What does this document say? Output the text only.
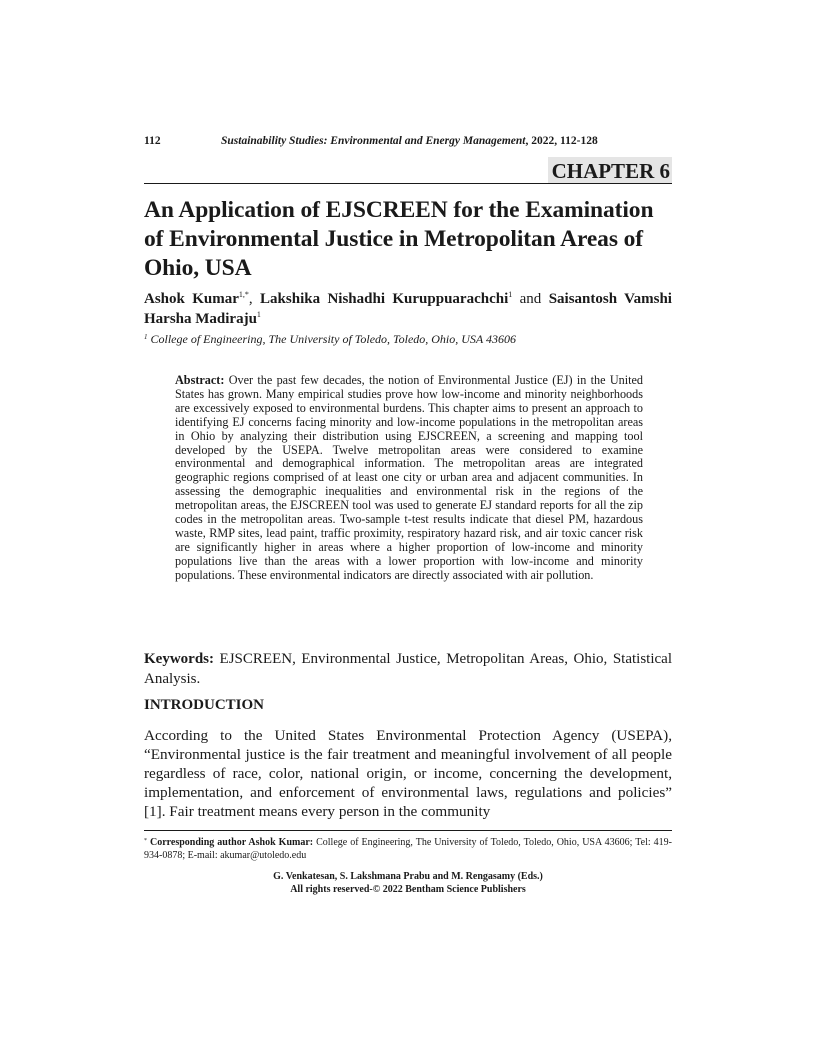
112	Sustainability Studies: Environmental and Energy Management, 2022, 112-128
CHAPTER 6
An Application of EJSCREEN for the Examination of Environmental Justice in Metropolitan Areas of Ohio, USA
Ashok Kumar$^{1,*}$, Lakshika Nishadhi Kuruppuarachchi$^1$ and Saisantosh Vamshi Harsha Madiraju$^1$
$^1$ College of Engineering, The University of Toledo, Toledo, Ohio, USA 43606

Abstract: Over the past few decades, the notion of Environmental Justice (EJ) in the United States has grown. Many empirical studies prove how low-income and minority neighborhoods are excessively exposed to environmental burdens. This chapter aims to present an approach to identifying EJ concerns facing minority and low-income populations in the metropolitan areas in Ohio by analyzing their distribution using EJSCREEN, a screening and mapping tool developed by the USEPA. Twelve metropolitan areas were considered to examine environmental and demographical information. The metropolitan areas are integrated geographic regions comprised of at least one city or urban area and adjacent communities. In assessing the demographic inequalities and environmental risk in the regions of the metropolitan areas, the EJSCREEN tool was used to generate EJ standard reports for all the zip codes in the metropolitan areas. Two-sample t-test results indicate that diesel PM, hazardous waste, RMP sites, lead paint, traffic proximity, respiratory hazard risk, and air toxic cancer risk are significantly higher in areas where a higher proportion of low-income and minority populations live than the areas with a lower proportion with low-income and minority populations. These environmental indicators are directly associated with air pollution.

Keywords: EJSCREEN, Environmental Justice, Metropolitan Areas, Ohio, Statistical Analysis.

INTRODUCTION

According to the United States Environmental Protection Agency (USEPA), “Environmental justice is the fair treatment and meaningful involvement of all people regardless of race, color, national origin, or income, concerning the development, implementation, and enforcement of environmental laws, regulations and policies” [1]. Fair treatment means every person in the community

* Corresponding author Ashok Kumar: College of Engineering, The University of Toledo, Toledo, Ohio, USA 43606; Tel: 419-934-0878; E-mail: akumar@utoledo.edu

G. Venkatesan, S. Lakshmana Prabu and M. Rengasamy (Eds.)
All rights reserved-© 2022 Bentham Science Publishers
